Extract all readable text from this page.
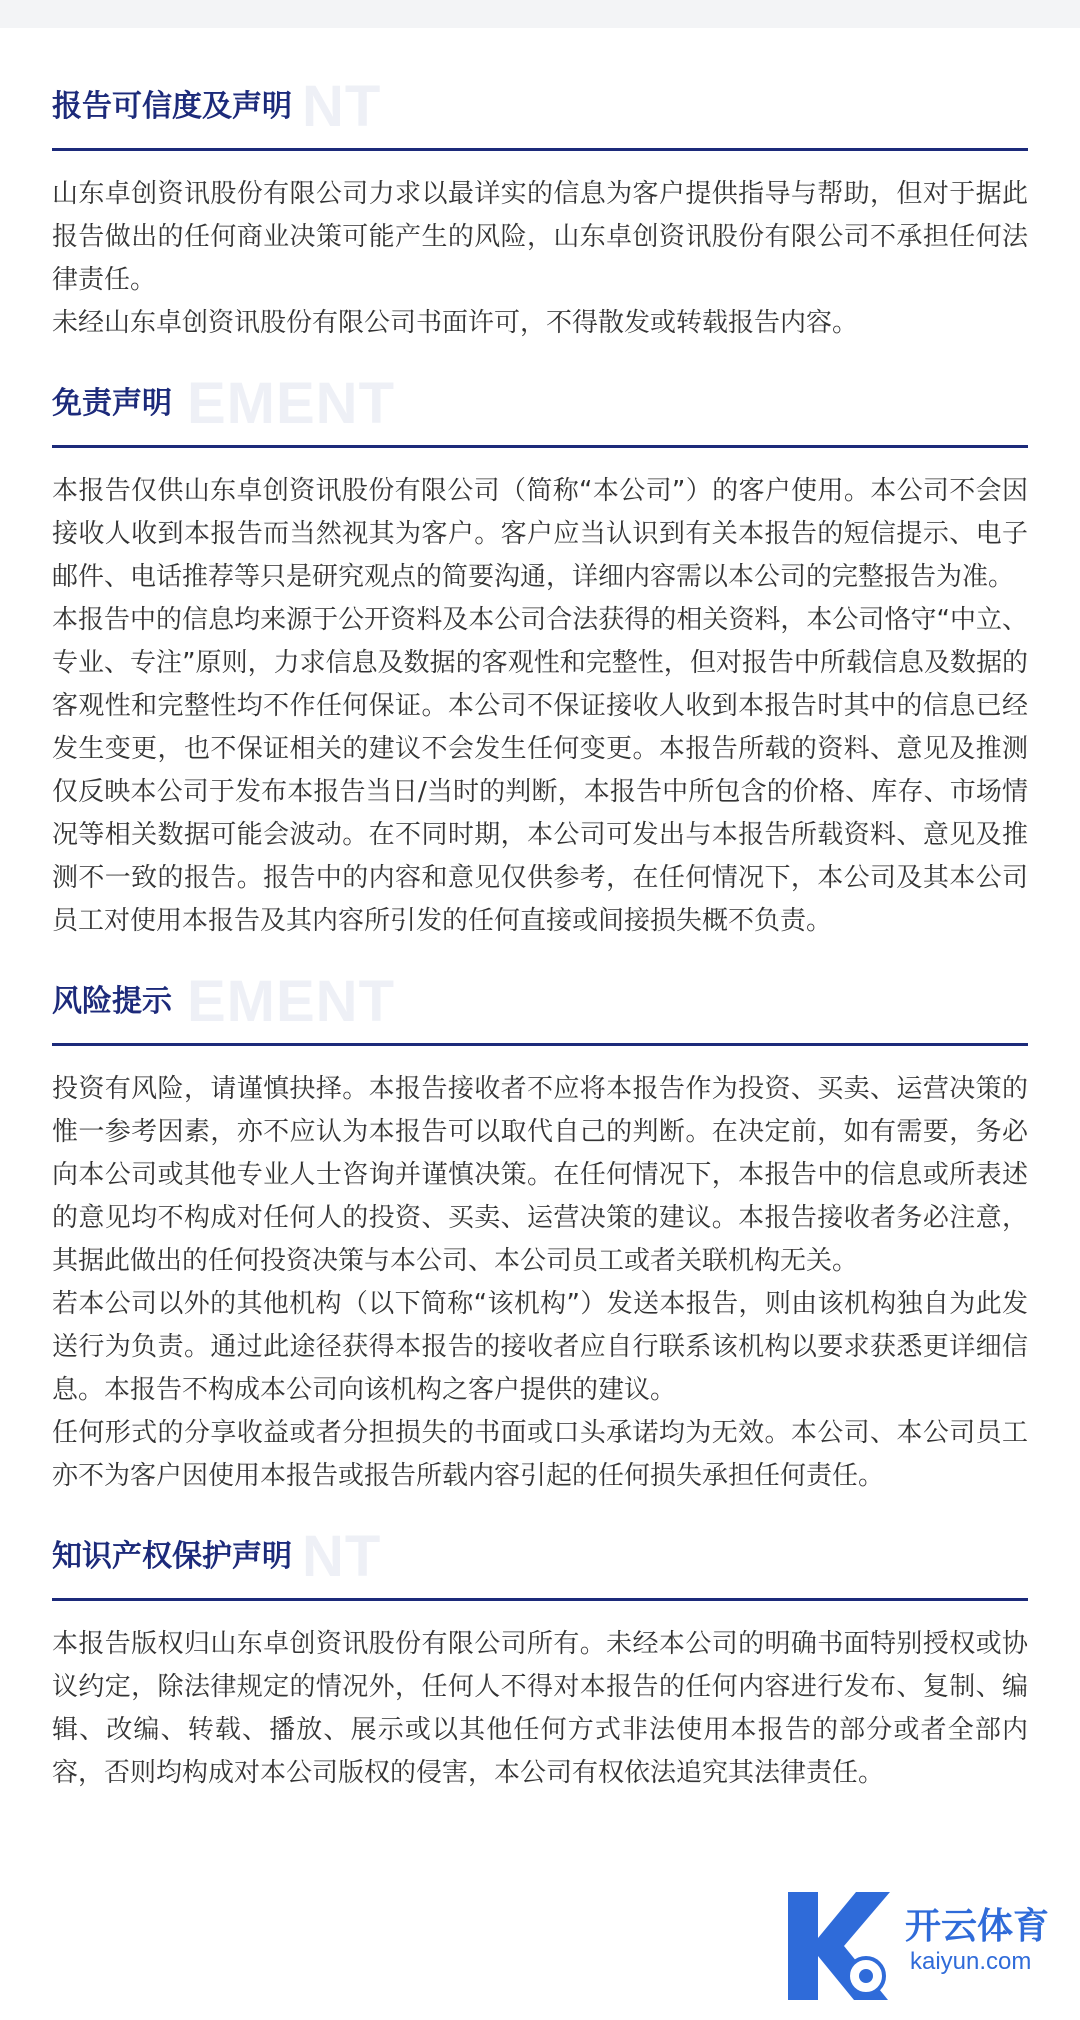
NT
报告可信度及声明

山东卓创资讯股份有限公司力求以最详实的信息为客户提供指导与帮助，但对于据此报告做出的任何商业决策可能产生的风险，山东卓创资讯股份有限公司不承担任何法律责任。

未经山东卓创资讯股份有限公司书面许可，不得散发或转载报告内容。

EMENT
免责声明

本报告仅供山东卓创资讯股份有限公司（简称“本公司”）的客户使用。本公司不会因接收人收到本报告而当然视其为客户。客户应当认识到有关本报告的短信提示、电子邮件、电话推荐等只是研究观点的简要沟通，详细内容需以本公司的完整报告为准。

本报告中的信息均来源于公开资料及本公司合法获得的相关资料，本公司恪守“中立、专业、专注”原则，力求信息及数据的客观性和完整性，但对报告中所载信息及数据的客观性和完整性均不作任何保证。本公司不保证接收人收到本报告时其中的信息已经发生变更，也不保证相关的建议不会发生任何变更。本报告所载的资料、意见及推测仅反映本公司于发布本报告当日/当时的判断，本报告中所包含的价格、库存、市场情况等相关数据可能会波动。在不同时期，本公司可发出与本报告所载资料、意见及推测不一致的报告。报告中的内容和意见仅供参考，在任何情况下，本公司及其本公司员工对使用本报告及其内容所引发的任何直接或间接损失概不负责。

EMENT
风险提示

投资有风险，请谨慎抉择。本报告接收者不应将本报告作为投资、买卖、运营决策的惟一参考因素，亦不应认为本报告可以取代自己的判断。在决定前，如有需要，务必向本公司或其他专业人士咨询并谨慎决策。在任何情况下，本报告中的信息或所表述的意见均不构成对任何人的投资、买卖、运营决策的建议。本报告接收者务必注意，其据此做出的任何投资决策与本公司、本公司员工或者关联机构无关。

若本公司以外的其他机构（以下简称“该机构”）发送本报告，则由该机构独自为此发送行为负责。通过此途径获得本报告的接收者应自行联系该机构以要求获悉更详细信息。本报告不构成本公司向该机构之客户提供的建议。

任何形式的分享收益或者分担损失的书面或口头承诺均为无效。本公司、本公司员工亦不为客户因使用本报告或报告所载内容引起的任何损失承担任何责任。

NT
知识产权保护声明

本报告版权归山东卓创资讯股份有限公司所有。未经本公司的明确书面特别授权或协议约定，除法律规定的情况外，任何人不得对本报告的任何内容进行发布、复制、编辑、改编、转载、播放、展示或以其他任何方式非法使用本报告的部分或者全部内容，否则均构成对本公司版权的侵害，本公司有权依法追究其法律责任。

开云体育
kaiyun.com
